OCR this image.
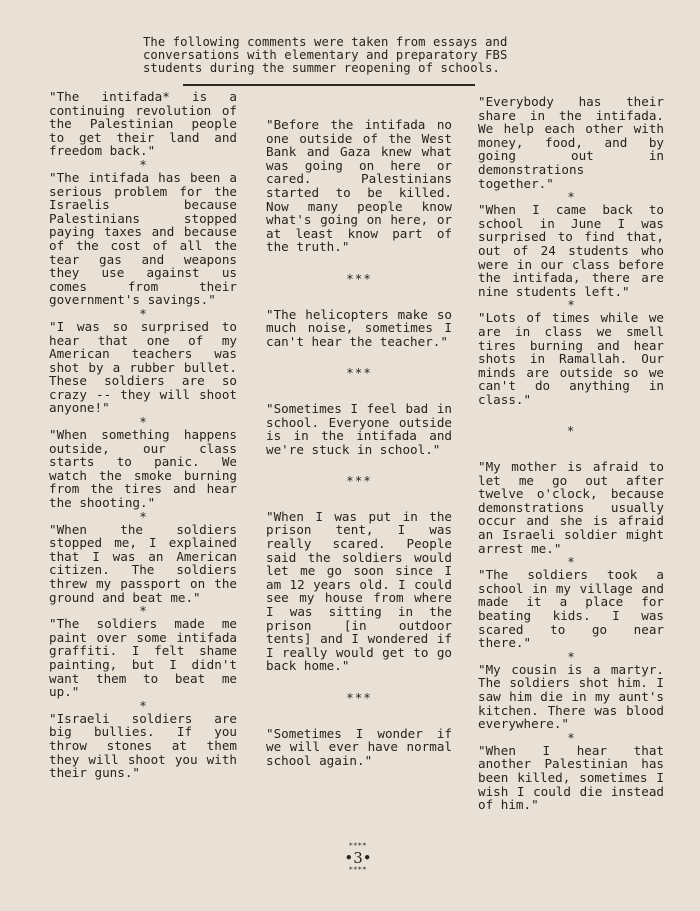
The following comments were taken from essays and conversations with elementary and preparatory FBS students during the summer reopening of schools.

"The intifada* is a continuing revolution of the Palestinian people to get their land and freedom back."

*

"The intifada has been a serious problem for the Israelis because Palestinians stopped paying taxes and because of the cost of all the tear gas and weapons they use against us comes from their government's savings."

*

"I was so surprised to hear that one of my American teachers was shot by a rubber bullet. These soldiers are so crazy -- they will shoot anyone!"

*

"When something happens outside, our class starts to panic. We watch the smoke burning from the tires and hear the shooting."

*

"When the soldiers stopped me, I explained that I was an American citizen. The soldiers threw my passport on the ground and beat me."

*

"The soldiers made me paint over some intifada graffiti. I felt shame painting, but I didn't want them to beat me up."

*

"Israeli soldiers are big bullies. If you throw stones at them they will shoot you with their guns."

"Before the intifada no one outside of the West Bank and Gaza knew what was going on here or cared. Palestinians started to be killed. Now many people know what's going on here, or at least know part of the truth."

***

"The helicopters make so much noise, sometimes I can't hear the teacher."

***

"Sometimes I feel bad in school. Everyone outside is in the intifada and we're stuck in school."

***

"When I was put in the prison tent, I was really scared. People said the soldiers would let me go soon since I am 12 years old. I could see my house from where I was sitting in the prison [in outdoor tents] and I wondered if I really would get to go back home."

***

"Sometimes I wonder if we will ever have normal school again."

"Everybody has their share in the intifada. We help each other with money, food, and by going out in demonstrations together."

*

"When I came back to school in June I was surprised to find that, out of 24 students who were in our class before the intifada, there are nine students left."

*

"Lots of times while we are in class we smell tires burning and hear shots in Ramallah. Our minds are outside so we can't do anything in class."

*

"My mother is afraid to let me go out after twelve o'clock, because demonstrations usually occur and she is afraid an Israeli soldier might arrest me."

*

"The soldiers took a school in my village and made it a place for beating kids. I was scared to go near there."

*

"My cousin is a martyr. The soldiers shot him. I saw him die in my aunt's kitchen. There was blood everywhere."

*

"When I hear that another Palestinian has been killed, sometimes I wish I could die instead of him."

****
•3•
****
